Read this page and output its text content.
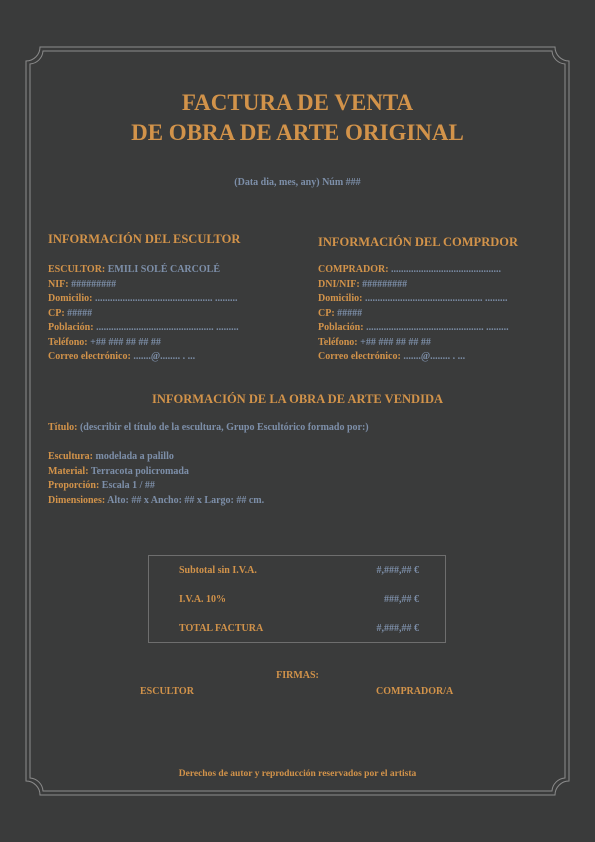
FACTURA DE VENTA
DE OBRA DE ARTE ORIGINAL
(Data dia, mes, any) Núm ###
INFORMACIÓN DEL ESCULTOR
ESCULTOR: EMILI SOLÉ CARCOLÉ
NIF: #########
Domicilio: ............................................... .........
CP: #####
Población: ............................................... .........
Teléfono: +## ### ## ## ##
Correo electrónico: .......@........ . ...
INFORMACIÓN DEL COMPRDOR
COMPRADOR: ............................................
DNI/NIF: #########
Domicilio: ............................................... .........
CP: #####
Población: ............................................... .........
Teléfono: +## ### ## ## ##
Correo electrónico: .......@........ . ...
INFORMACIÓN DE LA OBRA DE ARTE VENDIDA
Título: (describir el título de la escultura, Grupo Escultórico formado por:)
Escultura: modelada a palillo
Material: Terracota policromada
Proporción: Escala 1 / ##
Dimensiones: Alto: ## x Ancho: ## x Largo: ## cm.
Subtotal sin I.V.A.	#,###,## €
I.V.A. 10%	###,## €
TOTAL FACTURA	#,###,## €
FIRMAS:
ESCULTOR	COMPRADOR/A
Derechos de autor y reproducción reservados por el artista
